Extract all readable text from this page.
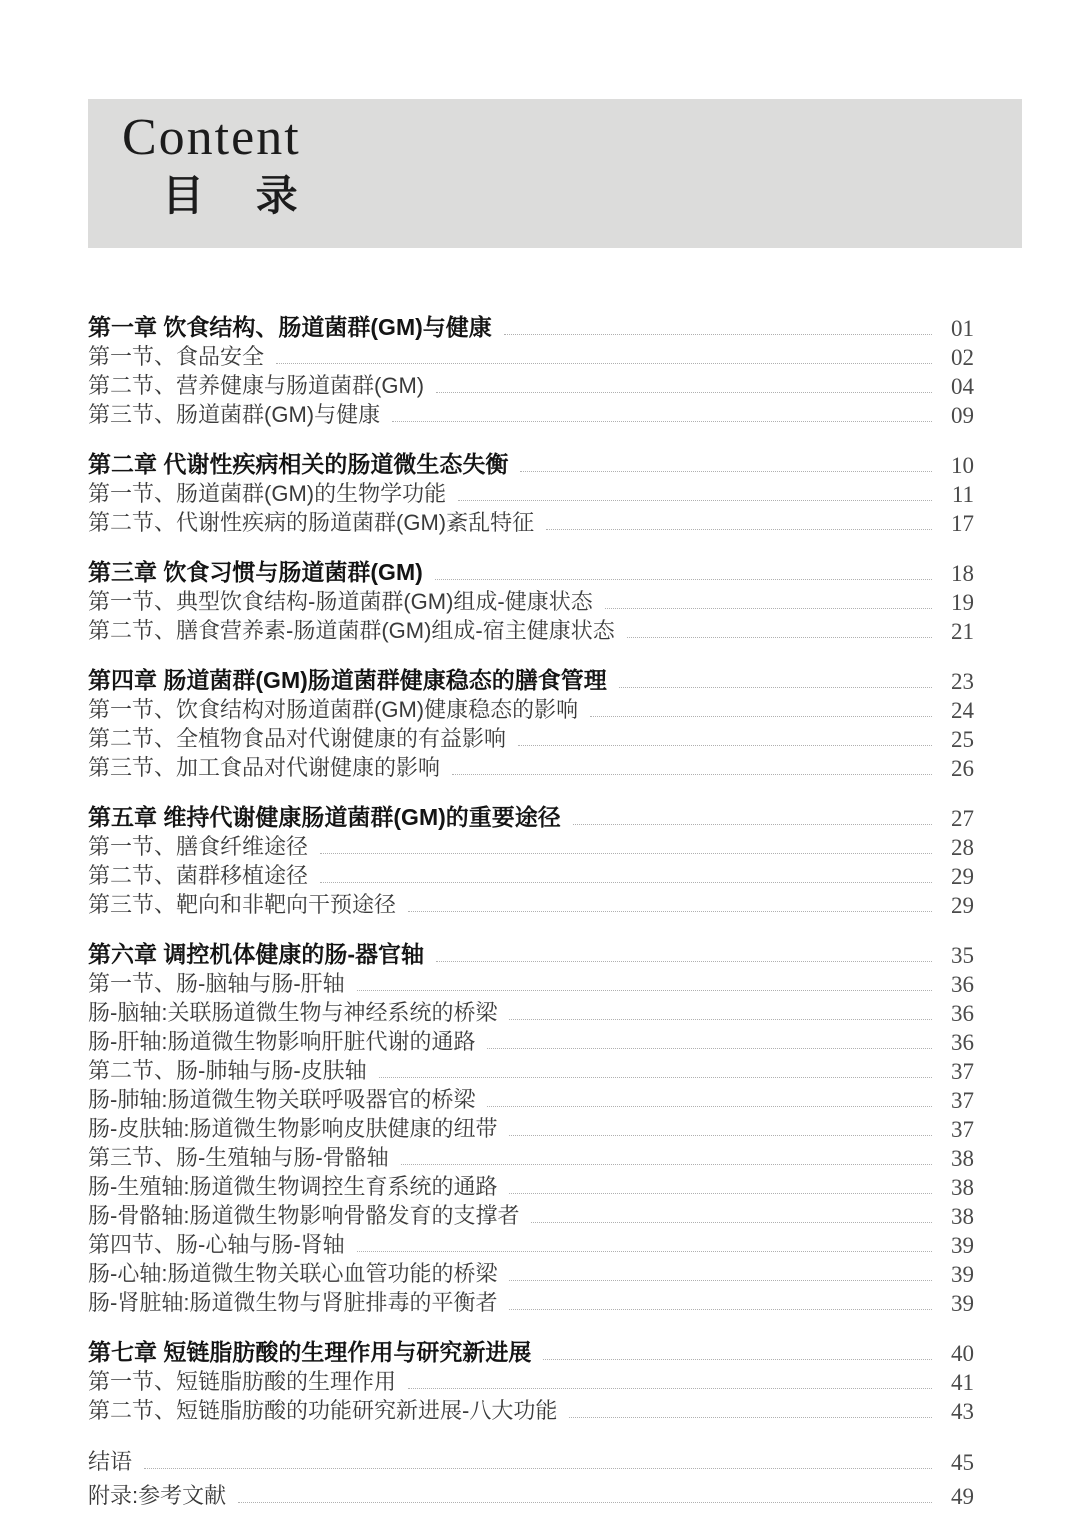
Content
目 录
第一章 饮食结构、肠道菌群(GM)与健康	01
第一节、食品安全	02
第二节、营养健康与肠道菌群(GM)	04
第三节、肠道菌群(GM)与健康	09
第二章 代谢性疾病相关的肠道微生态失衡	10
第一节、肠道菌群(GM)的生物学功能	11
第二节、代谢性疾病的肠道菌群(GM)紊乱特征	17
第三章 饮食习惯与肠道菌群(GM)	18
第一节、典型饮食结构-肠道菌群(GM)组成-健康状态	19
第二节、膳食营养素-肠道菌群(GM)组成-宿主健康状态	21
第四章 肠道菌群(GM)肠道菌群健康稳态的膳食管理	23
第一节、饮食结构对肠道菌群(GM)健康稳态的影响	24
第二节、全植物食品对代谢健康的有益影响	25
第三节、加工食品对代谢健康的影响	26
第五章 维持代谢健康肠道菌群(GM)的重要途径	27
第一节、膳食纤维途径	28
第二节、菌群移植途径	29
第三节、靶向和非靶向干预途径	29
第六章 调控机体健康的肠-器官轴	35
第一节、肠-脑轴与肠-肝轴	36
肠-脑轴:关联肠道微生物与神经系统的桥梁	36
肠-肝轴:肠道微生物影响肝脏代谢的通路	36
第二节、肠-肺轴与肠-皮肤轴	37
肠-肺轴:肠道微生物关联呼吸器官的桥梁	37
肠-皮肤轴:肠道微生物影响皮肤健康的纽带	37
第三节、肠-生殖轴与肠-骨骼轴	38
肠-生殖轴:肠道微生物调控生育系统的通路	38
肠-骨骼轴:肠道微生物影响骨骼发育的支撑者	38
第四节、肠-心轴与肠-肾轴	39
肠-心轴:肠道微生物关联心血管功能的桥梁	39
肠-肾脏轴:肠道微生物与肾脏排毒的平衡者	39
第七章 短链脂肪酸的生理作用与研究新进展	40
第一节、短链脂肪酸的生理作用	41
第二节、短链脂肪酸的功能研究新进展-八大功能	43
结语	45
附录:参考文献	49
